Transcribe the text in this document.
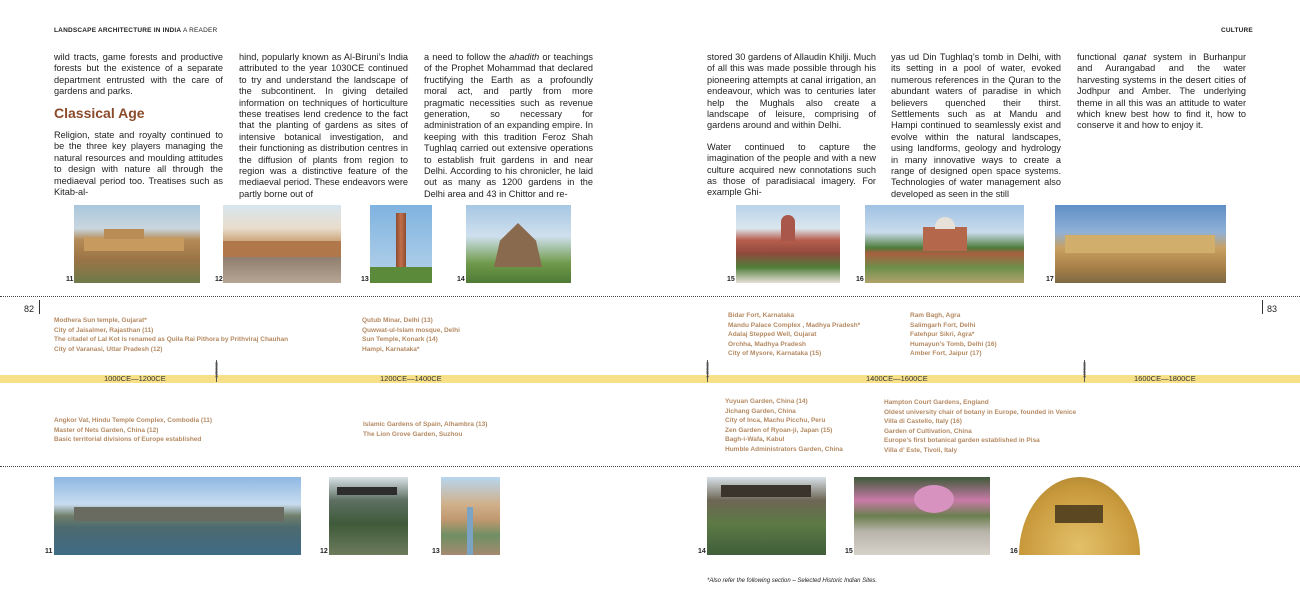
LANDSCAPE ARCHITECTURE IN INDIA A READER	CULTURE

wild tracts, game forests and productive forests but the existence of a separate department entrusted with the care of gardens and parks.

Classical Age

Religion, state and royalty continued to be the three key players managing the natural resources and moulding attitudes to design with nature all through the mediaeval period too. Treatises such as Kitab-al-

hind, popularly known as Al-Biruni’s India attributed to the year 1030CE continued to try and understand the landscape of the subcontinent. In giving detailed information on techniques of horticulture these treatises lend credence to the fact that the planting of gardens as sites of intensive botanical investigation, and their functioning as distribution centres in the diffusion of plants from region to region was a distinctive feature of the mediaeval period. These endeavors were partly borne out of

a need to follow the ahadith or teachings of the Prophet Mohammad that declared fructifying the Earth as a profoundly moral act, and partly from more pragmatic necessities such as revenue generation, so necessary for administration of an expanding empire. In keeping with this tradition Feroz Shah Tughlaq carried out extensive operations to establish fruit gardens in and near Delhi. According to his chronicler, he laid out as many as 1200 gardens in the Delhi area and 43 in Chittor and re-

stored 30 gardens of Allaudin Khilji. Much of all this was made possible through his pioneering attempts at canal irrigation, an endeavour, which was to centuries later help the Mughals also create a landscape of leisure, comprising of gardens around and within Delhi.

Water continued to capture the imagination of the people and with a new culture acquired new connotations such as those of paradisiacal imagery. For example Ghi-

yas ud Din Tughlaq’s tomb in Delhi, with its setting in a pool of water, evoked numerous references in the Quran to the abundant waters of paradise in which believers quenched their thirst. Settlements such as at Mandu and Hampi continued to seamlessly exist and evolve within the natural landscapes, using landforms, geology and hydrology in many innovative ways to create a range of designed open space systems. Technologies of water management also developed as seen in the still

functional qanat system in Burhanpur and Aurangabad and the water harvesting systems in the desert cities of Jodhpur and Amber. The underlying theme in all this was an attitude to water which knew best how to find it, how to conserve it and how to enjoy it.

11	12	13	14	15	16	17
82	83
Modhera Sun temple, Gujarat*
City of Jaisalmer, Rajasthan (11)
The citadel of Lal Kot is renamed as Quila Rai Pithora by Prithviraj Chauhan
City of Varanasi, Uttar Pradesh (12)
Qutub Minar, Delhi (13)
Quwwat-ul-Islam mosque, Delhi
Sun Temple, Konark (14)
Hampi, Karnataka*
Bidar Fort, Karnataka
Mandu Palace Complex , Madhya Pradesh*
Adalaj Stepped Well, Gujarat
Orchha, Madhya Pradesh
City of Mysore, Karnataka (15)
Ram Bagh, Agra
Salimgarh Fort, Delhi
Fatehpur Sikri, Agra*
Humayun’s Tomb, Delhi (16)
Amber Fort, Jaipur (17)
1000CE—1200CE	1200CE—1400CE	1400CE—1600CE	1600CE—1800CE
1200CE	1400CE	1600CE
Angkor Vat, Hindu Temple Complex, Combodia (11)
Master of Nets Garden, China (12)
Basic territorial divisions of Europe established
Islamic Gardens of Spain, Alhambra (13)
The Lion Grove Garden, Suzhou
Yuyuan Garden, China (14)
Jichang Garden, China
City of Inca, Machu Picchu, Peru
Zen Garden of Ryoan-ji, Japan (15)
Bagh-i-Wafa, Kabul
Humble Administrators Garden, China
Hampton Court Gardens, England
Oldest university chair of botany in Europe, founded in Venice
Villa di Castello, Italy (16)
Garden of Cultivation, China
Europe’s first botanical garden established in Pisa
Villa d’ Este, Tivoli, Italy
11	12	13	14	15	16
*Also refer the following section – Selected Historic Indian Sites.
